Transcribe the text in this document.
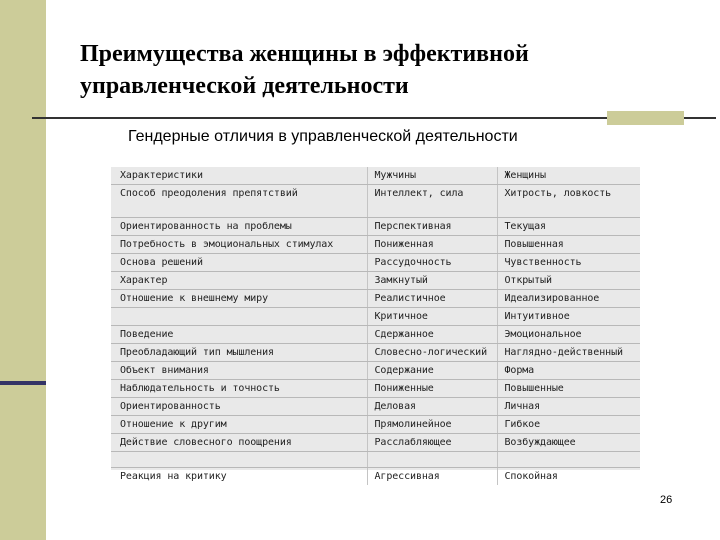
Преимущества женщины в эффективной управленческой деятельности

Гендерные отличия в управленческой деятельности

Характеристики	Мужчины	Женщины
Способ преодоления препятствий	Интеллект, сила	Хитрость, ловкость
Ориентированность на проблемы	Перспективная	Текущая
Потребность в эмоциональных стимулах	Пониженная	Повышенная
Основа решений	Рассудочность	Чувственность
Характер	Замкнутый	Открытый
Отношение к внешнему миру	Реалистичное	Идеализированное
	Критичное	Интуитивное
Поведение	Сдержанное	Эмоциональное
Преобладающий тип мышления	Словесно-логический	Наглядно-действенный
Объект внимания	Содержание	Форма
Наблюдательность и точность	Пониженные	Повышенные
Ориентированность	Деловая	Личная
Отношение к другим	Прямолинейное	Гибкое
Действие словесного поощрения	Расслабляющее	Возбуждающее

Реакция на критику	Агрессивная	Спокойная
26
